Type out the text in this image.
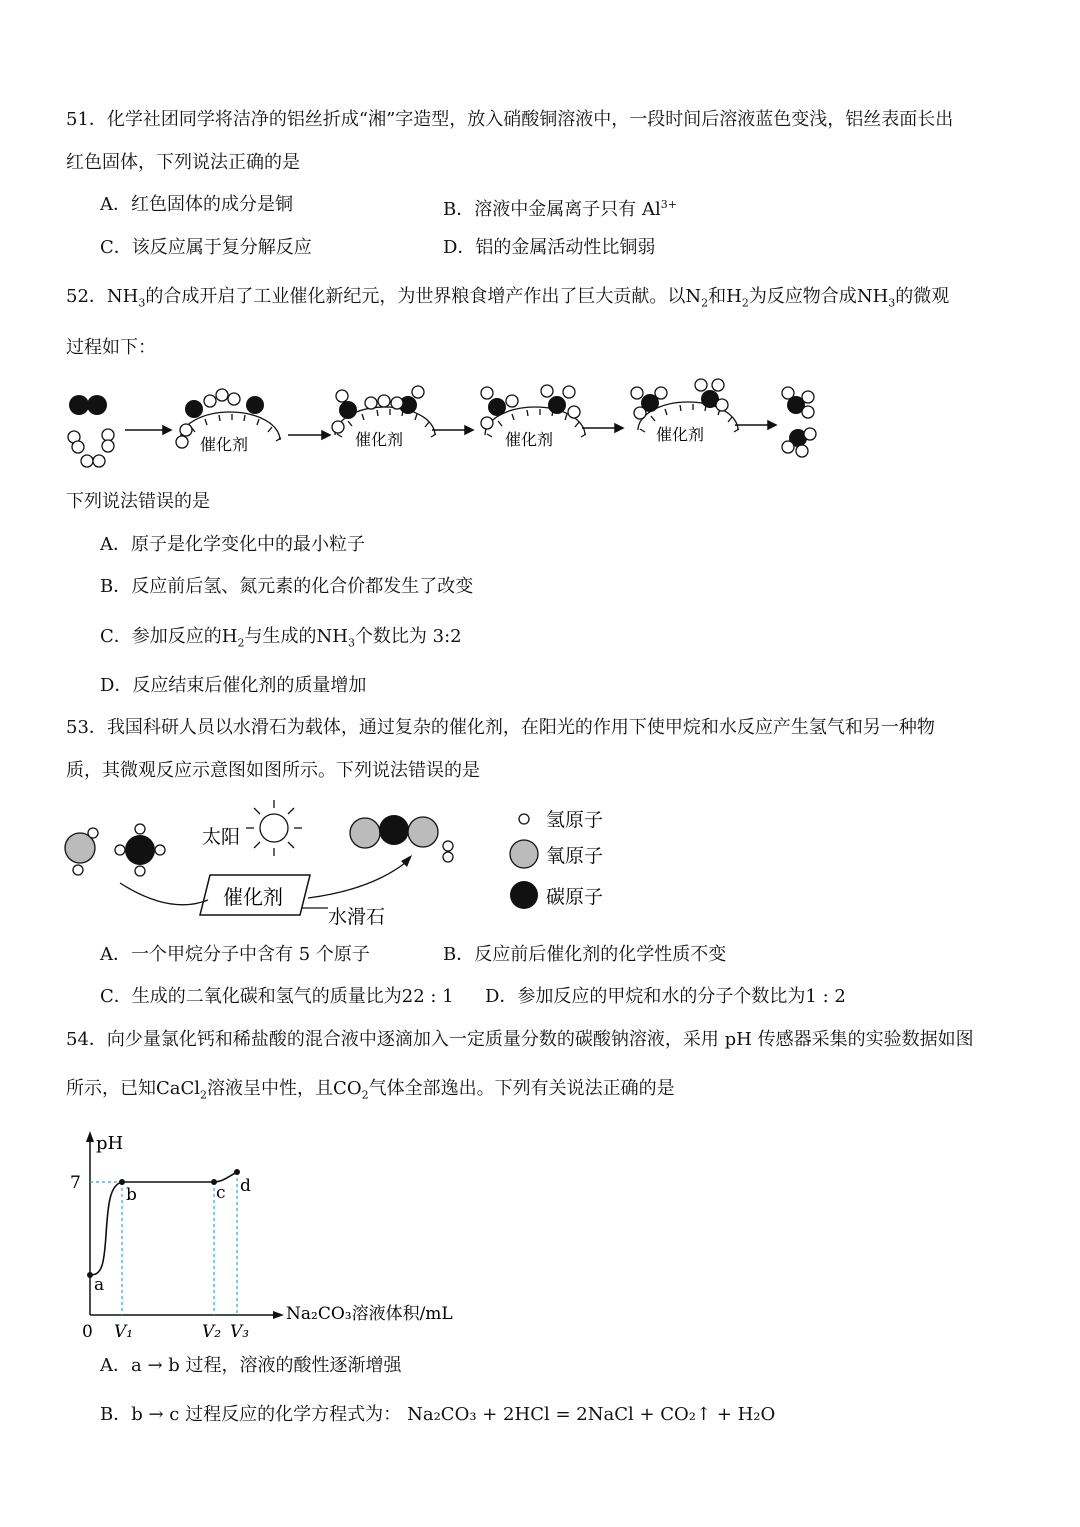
51．化学社团同学将洁净的铝丝折成“湘”字造型，放入硝酸铜溶液中，一段时间后溶液蓝色变浅，铝丝表面长出
红色固体，下列说法正确的是
A．红色固体的成分是铜	B．溶液中金属离子只有 $Al^{3+}$
C．该反应属于复分解反应	D．铝的金属活动性比铜弱
52．$NH_3$的合成开启了工业催化新纪元，为世界粮食增产作出了巨大贡献。以$N_2$和$H_2$为反应物合成$NH_3$的微观
过程如下：
催化剂	催化剂	催化剂	催化剂
下列说法错误的是
A．原子是化学变化中的最小粒子
B．反应前后氢、氮元素的化合价都发生了改变
C．参加反应的$H_2$与生成的$NH_3$个数比为 3:2
D．反应结束后催化剂的质量增加
53．我国科研人员以水滑石为载体，通过复杂的催化剂，在阳光的作用下使甲烷和水反应产生氢气和另一种物
质，其微观反应示意图如图所示。下列说法错误的是
太阳
催化剂
水滑石
氢原子
氧原子
碳原子
A．一个甲烷分子中含有 5 个原子	B．反应前后催化剂的化学性质不变
C．生成的二氧化碳和氢气的质量比为22 : 1 D．参加反应的甲烷和水的分子个数比为1 : 2
54．向少量氯化钙和稀盐酸的混合液中逐滴加入一定质量分数的碳酸钠溶液，采用 pH 传感器采集的实验数据如图
所示，已知CaCl$_2$溶液呈中性，且$CO_2$气体全部逸出。下列有关说法正确的是
pH
7
a
b	c d
0 V₁	V₂ V₃
Na₂CO₃溶液体积/mL
A．a → b 过程，溶液的酸性逐渐增强
B．b → c 过程反应的化学方程式为： Na₂CO₃ + 2HCl = 2NaCl + CO₂↑ + H₂O
